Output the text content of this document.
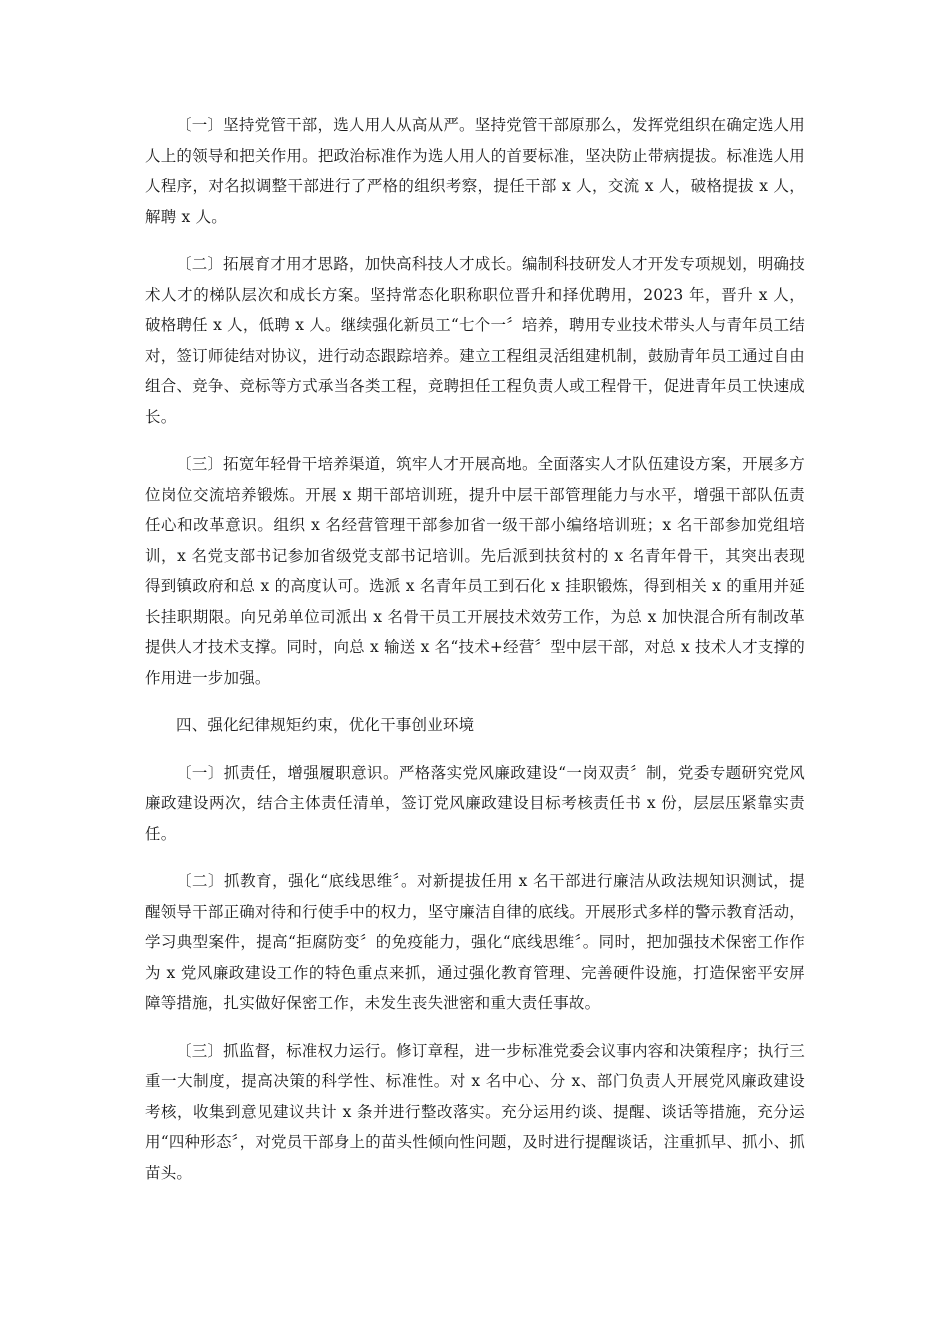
〔一〕坚持党管干部，选人用人从高从严。坚持党管干部原那么，发挥党组织在确定选人用人上的领导和把关作用。把政治标准作为选人用人的首要标准，坚决防止带病提拔。标准选人用人程序，对名拟调整干部进行了严格的组织考察，提任干部 x 人，交流 x 人，破格提拔 x 人，解聘 x 人。

〔二〕拓展育才用才思路，加快高科技人才成长。编制科技研发人才开发专项规划，明确技术人才的梯队层次和成长方案。坚持常态化职称职位晋升和择优聘用，2023 年，晋升 x 人，破格聘任 x 人，低聘 x 人。继续强化新员工“七个一〞培养，聘用专业技术带头人与青年员工结对，签订师徒结对协议，进行动态跟踪培养。建立工程组灵活组建机制，鼓励青年员工通过自由组合、竞争、竞标等方式承当各类工程，竞聘担任工程负责人或工程骨干，促进青年员工快速成长。

〔三〕拓宽年轻骨干培养渠道，筑牢人才开展高地。全面落实人才队伍建设方案，开展多方位岗位交流培养锻炼。开展 x 期干部培训班，提升中层干部管理能力与水平，增强干部队伍责任心和改革意识。组织 x 名经营管理干部参加省一级干部小编络培训班；x 名干部参加党组培训，x 名党支部书记参加省级党支部书记培训。先后派到扶贫村的 x 名青年骨干，其突出表现得到镇政府和总 x 的高度认可。选派 x 名青年员工到石化 x 挂职锻炼，得到相关 x 的重用并延长挂职期限。向兄弟单位司派出 x 名骨干员工开展技术效劳工作，为总 x 加快混合所有制改革提供人才技术支撑。同时，向总 x 输送 x 名“技术+经营〞型中层干部，对总 x 技术人才支撑的作用进一步加强。

四、强化纪律规矩约束，优化干事创业环境

〔一〕抓责任，增强履职意识。严格落实党风廉政建设“一岗双责〞制，党委专题研究党风廉政建设两次，结合主体责任清单，签订党风廉政建设目标考核责任书 x 份，层层压紧靠实责任。

〔二〕抓教育，强化“底线思维〞。对新提拔任用 x 名干部进行廉洁从政法规知识测试，提醒领导干部正确对待和行使手中的权力，坚守廉洁自律的底线。开展形式多样的警示教育活动，学习典型案件，提高“拒腐防变〞的免疫能力，强化“底线思维〞。同时，把加强技术保密工作作为 x 党风廉政建设工作的特色重点来抓，通过强化教育管理、完善硬件设施，打造保密平安屏障等措施，扎实做好保密工作，未发生丧失泄密和重大责任事故。

〔三〕抓监督，标准权力运行。修订章程，进一步标准党委会议事内容和决策程序；执行三重一大制度，提高决策的科学性、标准性。对 x 名中心、分 x、部门负责人开展党风廉政建设考核，收集到意见建议共计 x 条并进行整改落实。充分运用约谈、提醒、谈话等措施，充分运用“四种形态〞，对党员干部身上的苗头性倾向性问题，及时进行提醒谈话，注重抓早、抓小、抓苗头。
